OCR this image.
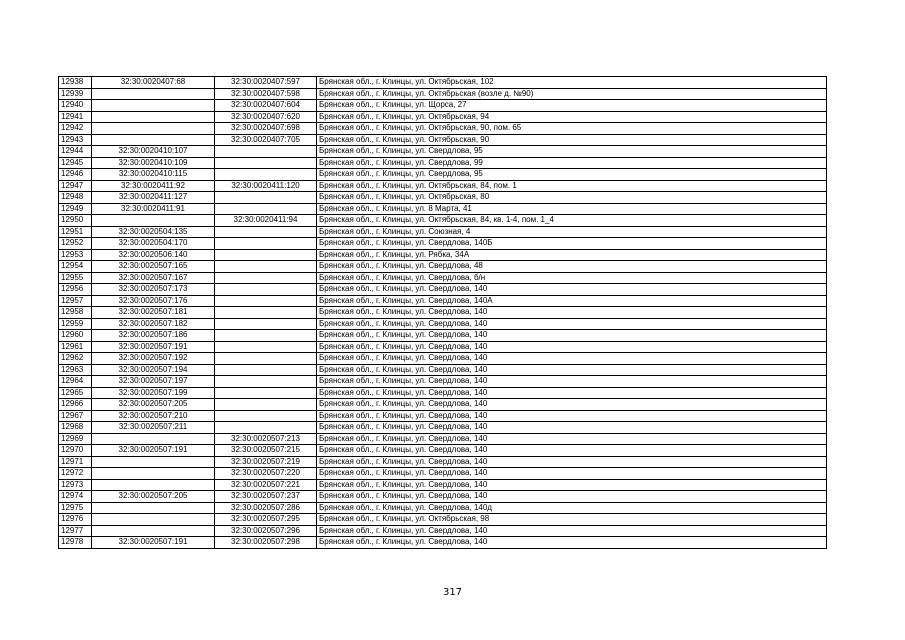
12938	32:30:0020407:68	32:30:0020407:597	Брянская обл., г. Клинцы, ул. Октябрьская, 102
12939		32:30:0020407:598	Брянская обл., г. Клинцы, ул. Октябрьская (возле д. №90)
12940		32:30:0020407:604	Брянская обл., г. Клинцы, ул. Щорса, 27
12941		32:30:0020407:620	Брянская обл., г. Клинцы, ул. Октябрьская, 94
12942		32:30:0020407:698	Брянская обл., г. Клинцы, ул. Октябрьская, 90, пом. 65
12943		32:30:0020407:705	Брянская обл., г. Клинцы, ул. Октябрьская, 90
12944	32:30:0020410:107		Брянская обл., г. Клинцы, ул. Свердлова, 95
12945	32:30:0020410:109		Брянская обл., г. Клинцы, ул. Свердлова, 99
12946	32:30:0020410:115		Брянская обл., г. Клинцы, ул. Свердлова, 95
12947	32:30:0020411:92	32:30:0020411:120	Брянская обл., г. Клинцы, ул. Октябрьская, 84, пом. 1
12948	32:30:0020411:127		Брянская обл., г. Клинцы, ул. Октябрьская, 80
12949	32:30:0020411:91		Брянская обл., г. Клинцы, ул. 8 Марта, 41
12950		32:30:0020411:94	Брянская обл., г. Клинцы, ул. Октябрьская, 84, кв. 1-4, пом. 1_4
12951	32:30:0020504:135		Брянская обл., г. Клинцы, ул. Союзная, 4
12952	32:30:0020504:170		Брянская обл., г. Клинцы, ул. Свердлова, 140Б
12953	32:30:0020506:140		Брянская обл., г. Клинцы, ул. Рябка, 34А
12954	32:30:0020507:165		Брянская обл., г. Клинцы, ул. Свердлова, 48
12955	32:30:0020507:167		Брянская обл., г. Клинцы, ул. Свердлова, б/н
12956	32:30:0020507:173		Брянская обл., г. Клинцы, ул. Свердлова, 140
12957	32:30:0020507:176		Брянская обл., г. Клинцы, ул. Свердлова, 140А
12958	32:30:0020507:181		Брянская обл., г. Клинцы, ул. Свердлова, 140
12959	32:30:0020507:182		Брянская обл., г. Клинцы, ул. Свердлова, 140
12960	32:30:0020507:186		Брянская обл., г. Клинцы, ул. Свердлова, 140
12961	32:30:0020507:191		Брянская обл., г. Клинцы, ул. Свердлова, 140
12962	32:30:0020507:192		Брянская обл., г. Клинцы, ул. Свердлова, 140
12963	32:30:0020507:194		Брянская обл., г. Клинцы, ул. Свердлова, 140
12964	32:30:0020507:197		Брянская обл., г. Клинцы, ул. Свердлова, 140
12965	32:30:0020507:199		Брянская обл., г. Клинцы, ул. Свердлова, 140
12966	32:30:0020507:205		Брянская обл., г. Клинцы, ул. Свердлова, 140
12967	32:30:0020507:210		Брянская обл., г. Клинцы, ул. Свердлова, 140
12968	32:30:0020507:211		Брянская обл., г. Клинцы, ул. Свердлова, 140
12969		32:30:0020507:213	Брянская обл., г. Клинцы, ул. Свердлова, 140
12970	32:30:0020507:191	32:30:0020507:215	Брянская обл., г. Клинцы, ул. Свердлова, 140
12971		32:30:0020507:219	Брянская обл., г. Клинцы, ул. Свердлова, 140
12972		32:30:0020507:220	Брянская обл., г. Клинцы, ул. Свердлова, 140
12973		32:30:0020507:221	Брянская обл., г. Клинцы, ул. Свердлова, 140
12974	32:30:0020507:205	32:30:0020507:237	Брянская обл., г. Клинцы, ул. Свердлова, 140
12975		32:30:0020507:286	Брянская обл., г. Клинцы, ул. Свердлова, 140д
12976		32:30:0020507:295	Брянская обл., г. Клинцы, ул. Октябрьская, 98
12977		32:30:0020507:296	Брянская обл., г. Клинцы, ул. Свердлова, 140
12978	32:30:0020507:191	32:30:0020507:298	Брянская обл., г. Клинцы, ул. Свердлова, 140
317
